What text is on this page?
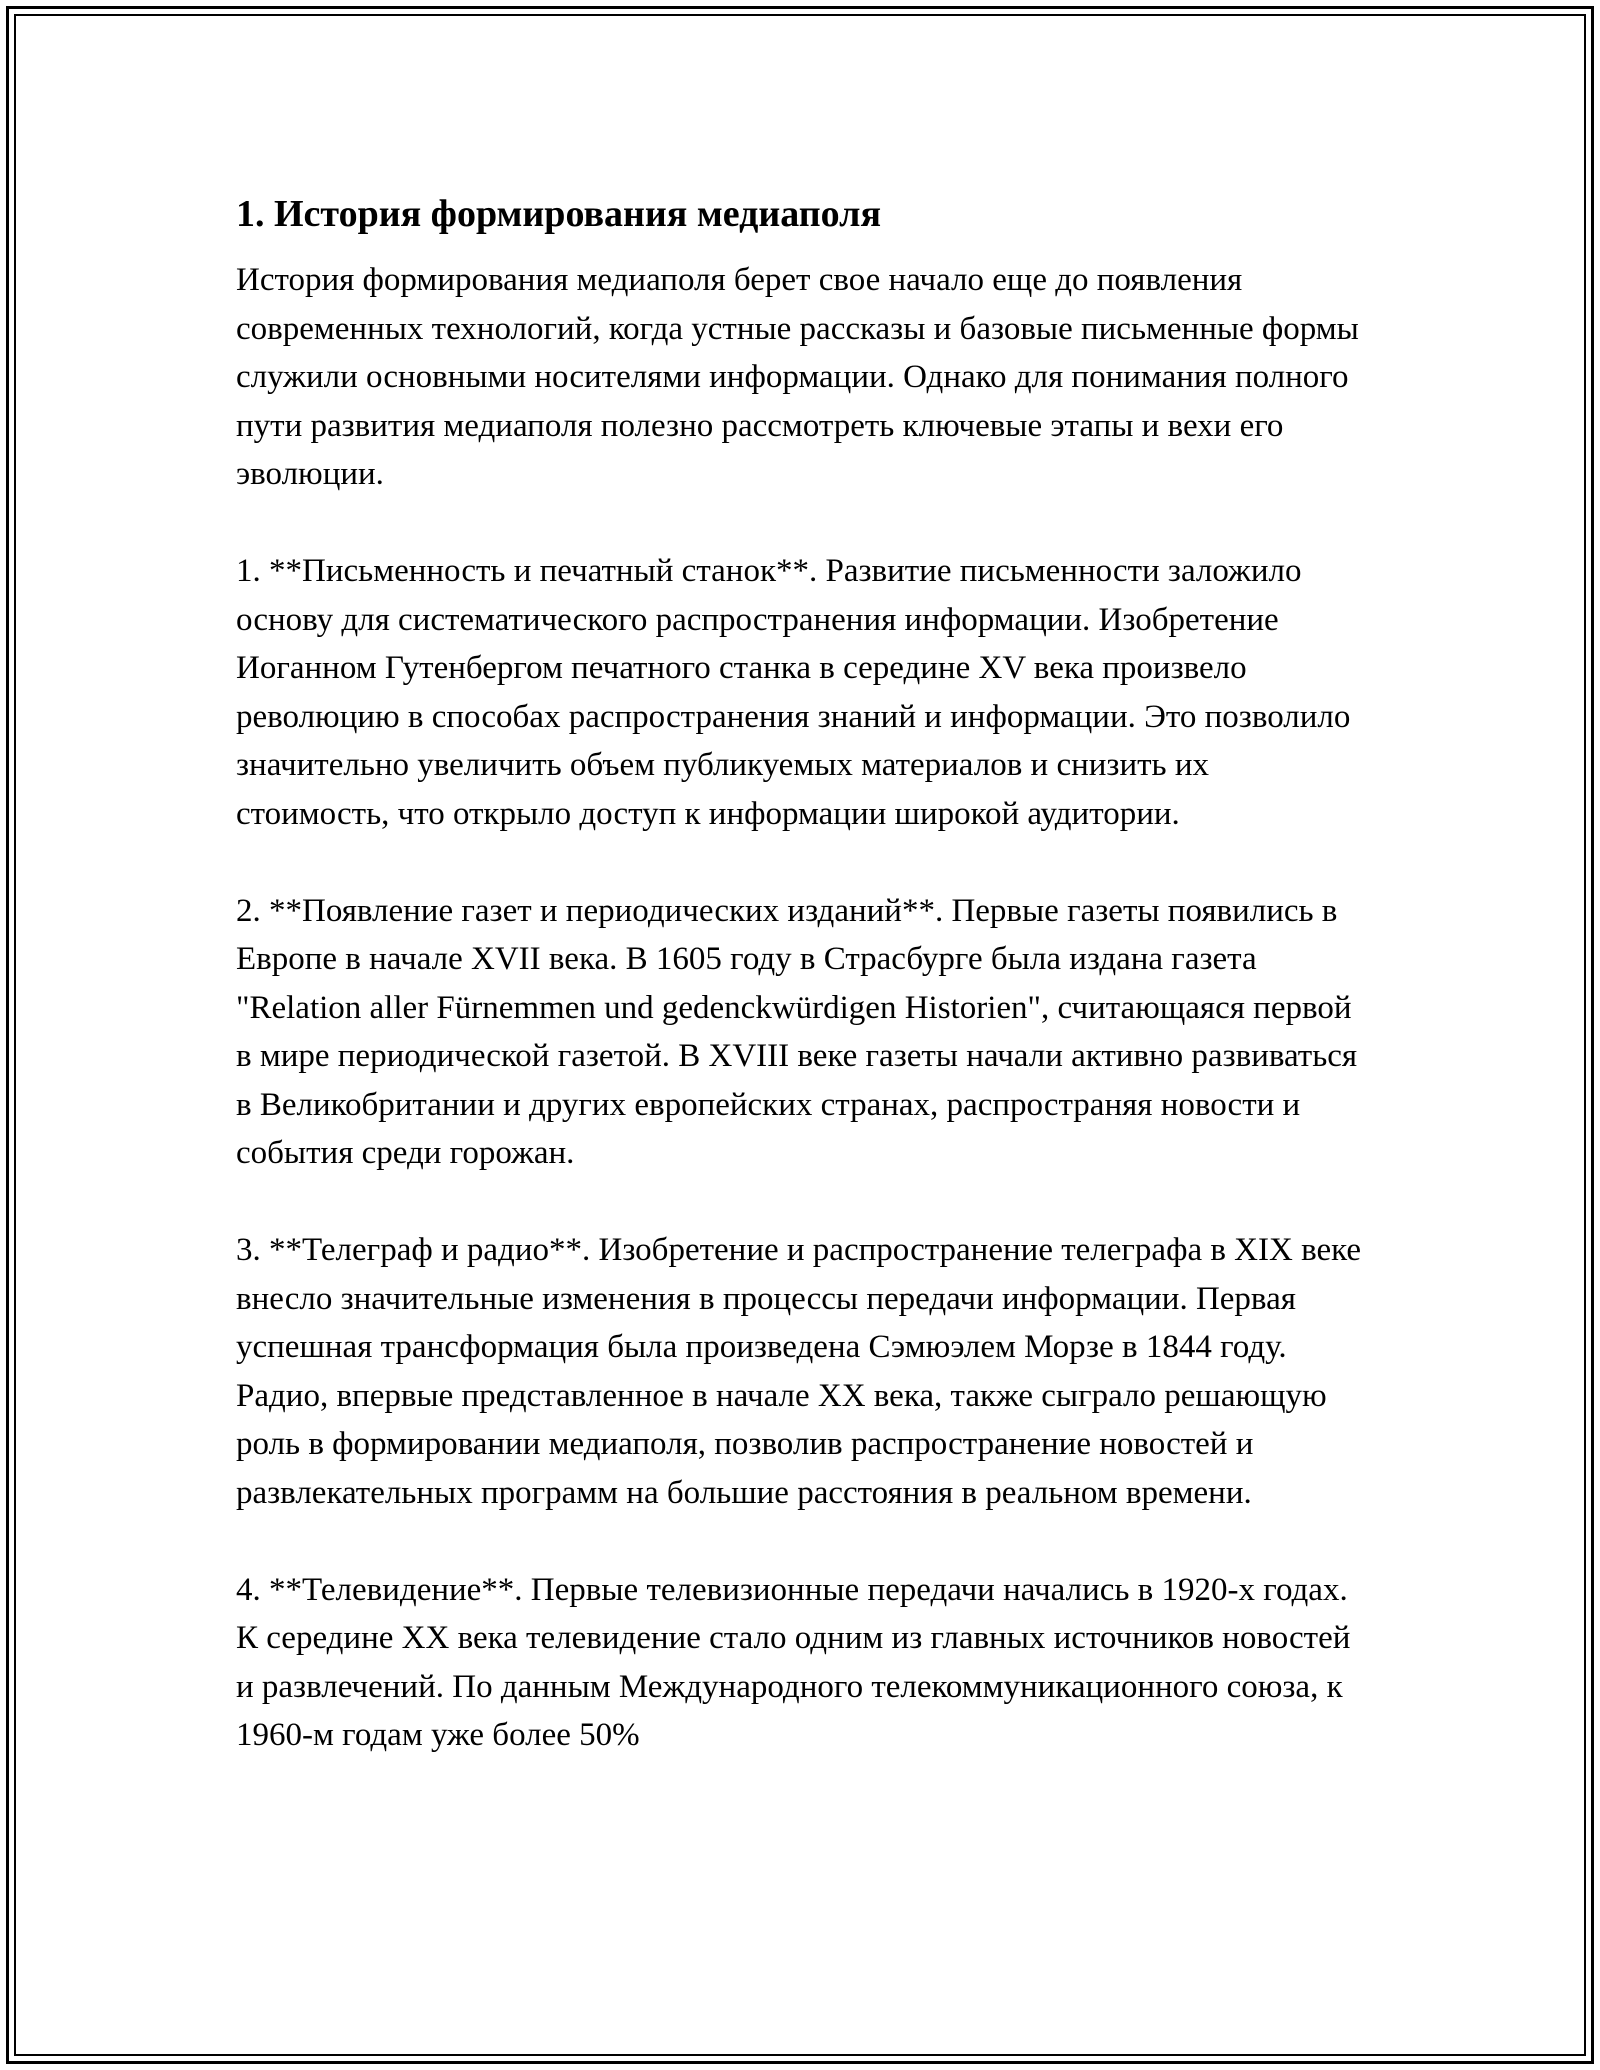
1. История формирования медиаполя

История формирования медиаполя берет свое начало еще до появления современных технологий, когда устные рассказы и базовые письменные формы служили основными носителями информации. Однако для понимания полного пути развития медиаполя полезно рассмотреть ключевые этапы и вехи его эволюции.

1. **Письменность и печатный станок**. Развитие письменности заложило основу для систематического распространения информации. Изобретение Иоганном Гутенбергом печатного станка в середине XV века произвело революцию в способах распространения знаний и информации. Это позволило значительно увеличить объем публикуемых материалов и снизить их стоимость, что открыло доступ к информации широкой аудитории.

2. **Появление газет и периодических изданий**. Первые газеты появились в Европе в начале XVII века. В 1605 году в Страсбурге была издана газета "Relation aller Fürnemmen und gedenckwürdigen Historien", считающаяся первой в мире периодической газетой. В XVIII веке газеты начали активно развиваться в Великобритании и других европейских странах, распространяя новости и события среди горожан.

3. **Телеграф и радио**. Изобретение и распространение телеграфа в XIX веке внесло значительные изменения в процессы передачи информации. Первая успешная трансформация была произведена Сэмюэлем Морзе в 1844 году. Радио, впервые представленное в начале XX века, также сыграло решающую роль в формировании медиаполя, позволив распространение новостей и развлекательных программ на большие расстояния в реальном времени.

4. **Телевидение**. Первые телевизионные передачи начались в 1920-х годах. К середине XX века телевидение стало одним из главных источников новостей и развлечений. По данным Международного телекоммуникационного союза, к 1960-м годам уже более 50%
